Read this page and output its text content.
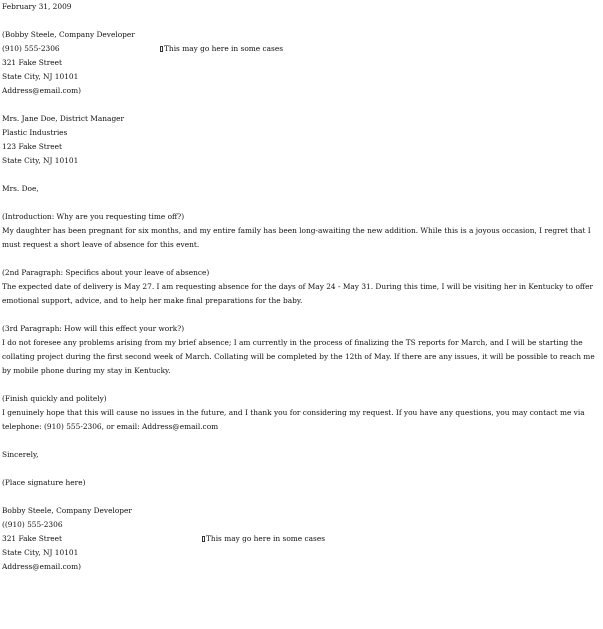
February 31, 2009
(Bobby Steele, Company Developer
(910) 555-2306	This may go here in some cases
321 Fake Street
State City, NJ 10101
Address@email.com)
Mrs. Jane Doe, District Manager
Plastic Industries
123 Fake Street
State City, NJ 10101
Mrs. Doe,
(Introduction: Why are you requesting time off?)
My daughter has been pregnant for six months, and my entire family has been long-awaiting the new addition. While this is a joyous occasion, I regret that I must request a short leave of absence for this event.
(2nd Paragraph: Specifics about your leave of absence)
The expected date of delivery is May 27. I am requesting absence for the days of May 24 - May 31. During this time, I will be visiting her in Kentucky to offer emotional support, advice, and to help her make final preparations for the baby.
(3rd Paragraph: How will this effect your work?)
I do not foresee any problems arising from my brief absence; I am currently in the process of finalizing the TS reports for March, and I will be starting the collating project during the first second week of March. Collating will be completed by the 12th of May. If there are any issues, it will be possible to reach me by mobile phone during my stay in Kentucky.
(Finish quickly and politely)
I genuinely hope that this will cause no issues in the future, and I thank you for considering my request. If you have any questions, you may contact me via telephone: (910) 555-2306, or email: Address@email.com
Sincerely,
(Place signature here)
Bobby Steele, Company Developer
((910) 555-2306
321 Fake Street	This may go here in some cases
State City, NJ 10101
Address@email.com)
